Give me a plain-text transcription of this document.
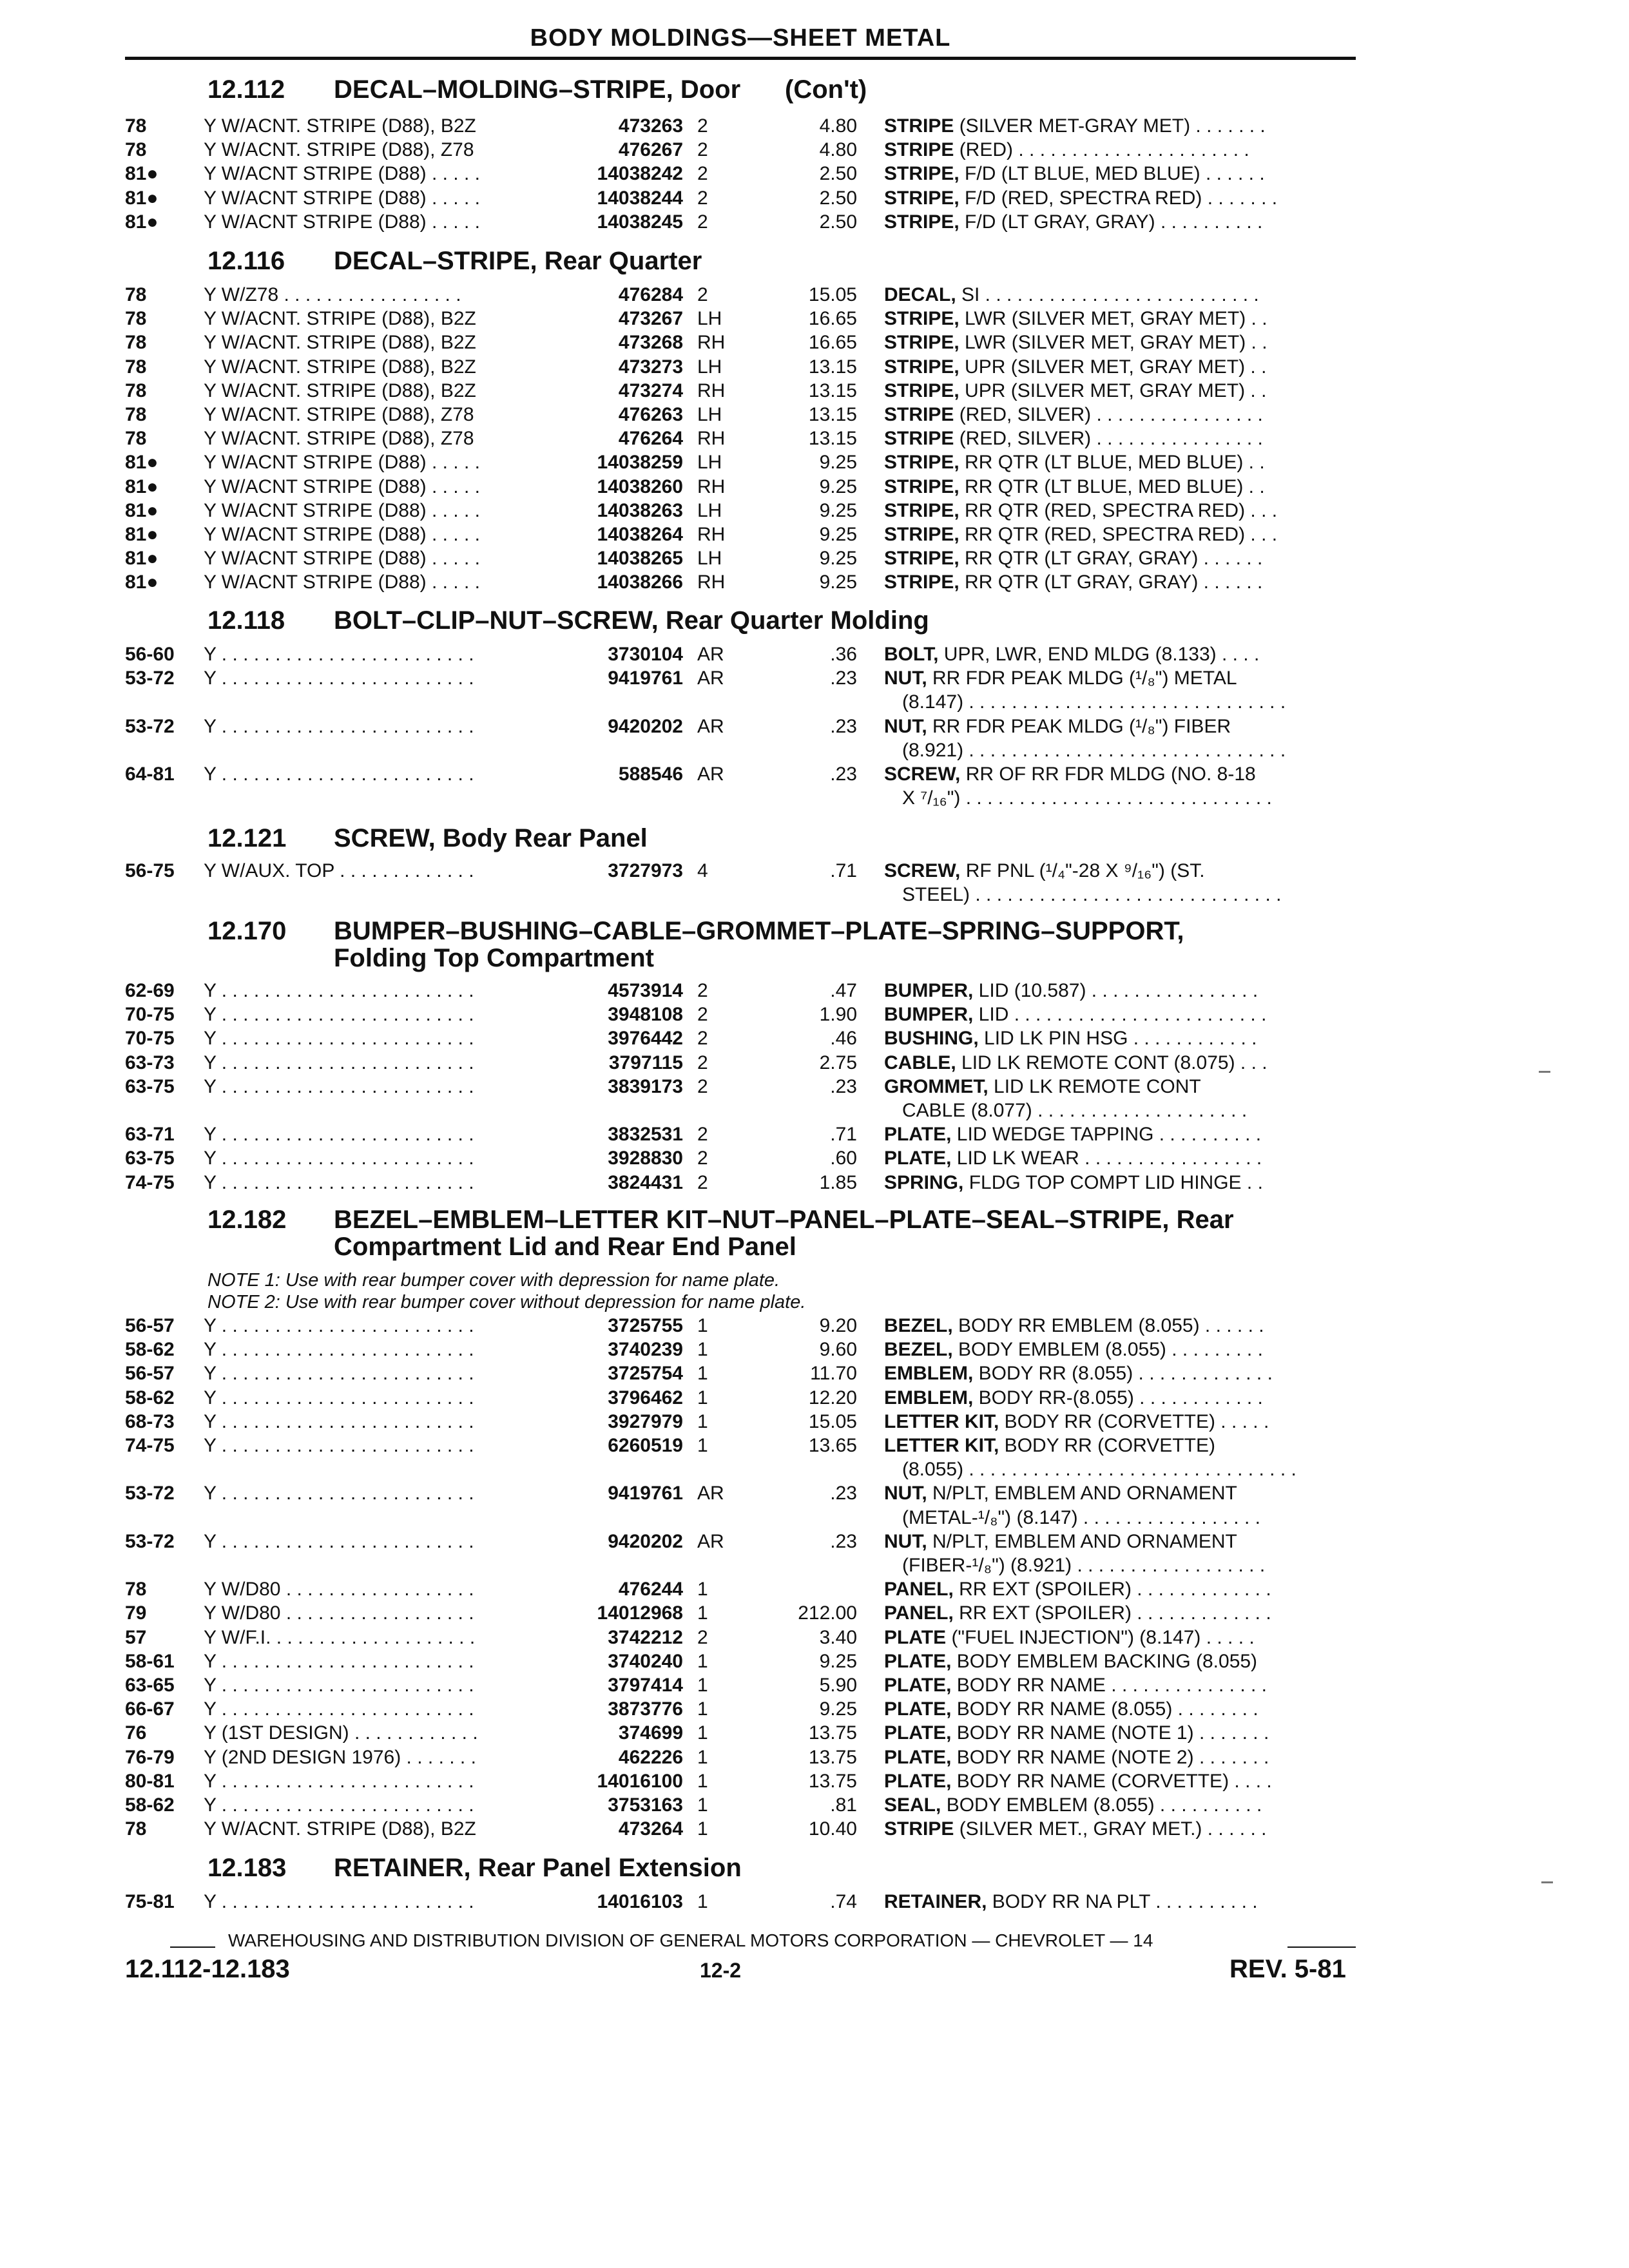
BODY MOLDINGS—SHEET METAL
12.112 DECAL–MOLDING–STRIPE, Door (Con't)
78	Y W/ACNT. STRIPE (D88), B2Z	473263 2	4.80 STRIPE (SILVER MET-GRAY MET) . . . . . . .
78	Y W/ACNT. STRIPE (D88), Z78	476267 2	4.80 STRIPE (RED) . . . . . . . . . . . . . . . . . . . . . .
81● Y W/ACNT STRIPE (D88) . . . . .	14038242 2	2.50 STRIPE, F/D (LT BLUE, MED BLUE) . . . . . .
81● Y W/ACNT STRIPE (D88) . . . . .	14038244 2	2.50 STRIPE, F/D (RED, SPECTRA RED) . . . . . . .
81● Y W/ACNT STRIPE (D88) . . . . .	14038245 2	2.50 STRIPE, F/D (LT GRAY, GRAY) . . . . . . . . . .
12.116 DECAL–STRIPE, Rear Quarter
78	Y W/Z78 . . . . . . . . . . . . . . . . .	476284 2	15.05 DECAL, SI . . . . . . . . . . . . . . . . . . . . . . . . . .
78	Y W/ACNT. STRIPE (D88), B2Z	473267 LH	16.65 STRIPE, LWR (SILVER MET, GRAY MET) . .
78	Y W/ACNT. STRIPE (D88), B2Z	473268 RH	16.65 STRIPE, LWR (SILVER MET, GRAY MET) . .
78	Y W/ACNT. STRIPE (D88), B2Z	473273 LH	13.15 STRIPE, UPR (SILVER MET, GRAY MET) . .
78	Y W/ACNT. STRIPE (D88), B2Z	473274 RH	13.15 STRIPE, UPR (SILVER MET, GRAY MET) . .
78	Y W/ACNT. STRIPE (D88), Z78	476263 LH	13.15 STRIPE (RED, SILVER) . . . . . . . . . . . . . . . .
78	Y W/ACNT. STRIPE (D88), Z78	476264 RH	13.15 STRIPE (RED, SILVER) . . . . . . . . . . . . . . . .
81● Y W/ACNT STRIPE (D88) . . . . .	14038259 LH	9.25 STRIPE, RR QTR (LT BLUE, MED BLUE) . .
81● Y W/ACNT STRIPE (D88) . . . . .	14038260 RH	9.25 STRIPE, RR QTR (LT BLUE, MED BLUE) . .
81● Y W/ACNT STRIPE (D88) . . . . .	14038263 LH	9.25 STRIPE, RR QTR (RED, SPECTRA RED) . . .
81● Y W/ACNT STRIPE (D88) . . . . .	14038264 RH	9.25 STRIPE, RR QTR (RED, SPECTRA RED) . . .
81● Y W/ACNT STRIPE (D88) . . . . .	14038265 LH	9.25 STRIPE, RR QTR (LT GRAY, GRAY) . . . . . .
81● Y W/ACNT STRIPE (D88) . . . . .	14038266 RH	9.25 STRIPE, RR QTR (LT GRAY, GRAY) . . . . . .
12.118 BOLT–CLIP–NUT–SCREW, Rear Quarter Molding
56-60 Y . . . . . . . . . . . . . . . . . . . . . . . .	3730104 AR	.36 BOLT, UPR, LWR, END MLDG (8.133) . . . .
53-72 Y . . . . . . . . . . . . . . . . . . . . . . . .	9419761 AR	.23 NUT, RR FDR PEAK MLDG (¹/₈") METAL
(8.147) . . . . . . . . . . . . . . . . . . . . . . . . . . . . . .
53-72 Y . . . . . . . . . . . . . . . . . . . . . . . .	9420202 AR	.23 NUT, RR FDR PEAK MLDG (¹/₈") FIBER
(8.921) . . . . . . . . . . . . . . . . . . . . . . . . . . . . . .
64-81 Y . . . . . . . . . . . . . . . . . . . . . . . .	588546 AR	.23 SCREW, RR OF RR FDR MLDG (NO. 8-18
X ⁷/₁₆") . . . . . . . . . . . . . . . . . . . . . . . . . . . . .
12.121 SCREW, Body Rear Panel
56-75 Y W/AUX. TOP . . . . . . . . . . . . .	3727973 4	.71 SCREW, RF PNL (¹/₄"-28 X ⁹/₁₆") (ST.
STEEL) . . . . . . . . . . . . . . . . . . . . . . . . . . . . .
12.170 BUMPER–BUSHING–CABLE–GROMMET–PLATE–SPRING–SUPPORT,
Folding Top Compartment
62-69 Y . . . . . . . . . . . . . . . . . . . . . . . .	4573914 2	.47 BUMPER, LID (10.587) . . . . . . . . . . . . . . . .
70-75 Y . . . . . . . . . . . . . . . . . . . . . . . .	3948108 2	1.90 BUMPER, LID . . . . . . . . . . . . . . . . . . . . . . . .
70-75 Y . . . . . . . . . . . . . . . . . . . . . . . .	3976442 2	.46 BUSHING, LID LK PIN HSG . . . . . . . . . . . .
63-73 Y . . . . . . . . . . . . . . . . . . . . . . . .	3797115 2	2.75 CABLE, LID LK REMOTE CONT (8.075) . . .
63-75 Y . . . . . . . . . . . . . . . . . . . . . . . .	3839173 2	.23 GROMMET, LID LK REMOTE CONT
CABLE (8.077) . . . . . . . . . . . . . . . . . . . .
63-71 Y . . . . . . . . . . . . . . . . . . . . . . . .	3832531 2	.71 PLATE, LID WEDGE TAPPING . . . . . . . . . .
63-75 Y . . . . . . . . . . . . . . . . . . . . . . . .	3928830 2	.60 PLATE, LID LK WEAR . . . . . . . . . . . . . . . . .
74-75 Y . . . . . . . . . . . . . . . . . . . . . . . .	3824431 2	1.85 SPRING, FLDG TOP COMPT LID HINGE . .
12.182 BEZEL–EMBLEM–LETTER KIT–NUT–PANEL–PLATE–SEAL–STRIPE, Rear
Compartment Lid and Rear End Panel
NOTE 1: Use with rear bumper cover with depression for name plate.
NOTE 2: Use with rear bumper cover without depression for name plate.
56-57 Y . . . . . . . . . . . . . . . . . . . . . . . .	3725755 1	9.20 BEZEL, BODY RR EMBLEM (8.055) . . . . . .
58-62 Y . . . . . . . . . . . . . . . . . . . . . . . .	3740239 1	9.60 BEZEL, BODY EMBLEM (8.055) . . . . . . . . .
56-57 Y . . . . . . . . . . . . . . . . . . . . . . . .	3725754 1	11.70 EMBLEM, BODY RR (8.055) . . . . . . . . . . . . .
58-62 Y . . . . . . . . . . . . . . . . . . . . . . . .	3796462 1	12.20 EMBLEM, BODY RR-(8.055) . . . . . . . . . . . .
68-73 Y . . . . . . . . . . . . . . . . . . . . . . . .	3927979 1	15.05 LETTER KIT, BODY RR (CORVETTE) . . . . .
74-75 Y . . . . . . . . . . . . . . . . . . . . . . . .	6260519 1	13.65 LETTER KIT, BODY RR (CORVETTE)
(8.055) . . . . . . . . . . . . . . . . . . . . . . . . . . . . . . .
53-72 Y . . . . . . . . . . . . . . . . . . . . . . . .	9419761 AR	.23 NUT, N/PLT, EMBLEM AND ORNAMENT
(METAL-¹/₈") (8.147) . . . . . . . . . . . . . . . . .
53-72 Y . . . . . . . . . . . . . . . . . . . . . . . .	9420202 AR	.23 NUT, N/PLT, EMBLEM AND ORNAMENT
(FIBER-¹/₈") (8.921) . . . . . . . . . . . . . . . . . .
78	Y W/D80 . . . . . . . . . . . . . . . . . .	476244 1	PANEL, RR EXT (SPOILER) . . . . . . . . . . . . .
79	Y W/D80 . . . . . . . . . . . . . . . . . .	14012968 1	212.00 PANEL, RR EXT (SPOILER) . . . . . . . . . . . . .
57	Y W/F.I. . . . . . . . . . . . . . . . . . . .	3742212 2	3.40 PLATE ("FUEL INJECTION") (8.147) . . . . .
58-61 Y . . . . . . . . . . . . . . . . . . . . . . . .	3740240 1	9.25 PLATE, BODY EMBLEM BACKING (8.055)
63-65 Y . . . . . . . . . . . . . . . . . . . . . . . .	3797414 1	5.90 PLATE, BODY RR NAME . . . . . . . . . . . . . . .
66-67 Y . . . . . . . . . . . . . . . . . . . . . . . .	3873776 1	9.25 PLATE, BODY RR NAME (8.055) . . . . . . . .
76	Y (1ST DESIGN) . . . . . . . . . . . .	374699 1	13.75 PLATE, BODY RR NAME (NOTE 1) . . . . . . .
76-79 Y (2ND DESIGN 1976) . . . . . . .	462226 1	13.75 PLATE, BODY RR NAME (NOTE 2) . . . . . . .
80-81 Y . . . . . . . . . . . . . . . . . . . . . . . .	14016100 1	13.75 PLATE, BODY RR NAME (CORVETTE) . . . .
58-62 Y . . . . . . . . . . . . . . . . . . . . . . . .	3753163 1	.81 SEAL, BODY EMBLEM (8.055) . . . . . . . . . .
78	Y W/ACNT. STRIPE (D88), B2Z	473264 1	10.40 STRIPE (SILVER MET., GRAY MET.) . . . . . .
12.183 RETAINER, Rear Panel Extension
75-81 Y . . . . . . . . . . . . . . . . . . . . . . . .	14016103 1	.74 RETAINER, BODY RR NA PLT . . . . . . . . . .
WAREHOUSING AND DISTRIBUTION DIVISION OF GENERAL MOTORS CORPORATION — CHEVROLET — 14
12.112-12.183	12-2	REV. 5-81
